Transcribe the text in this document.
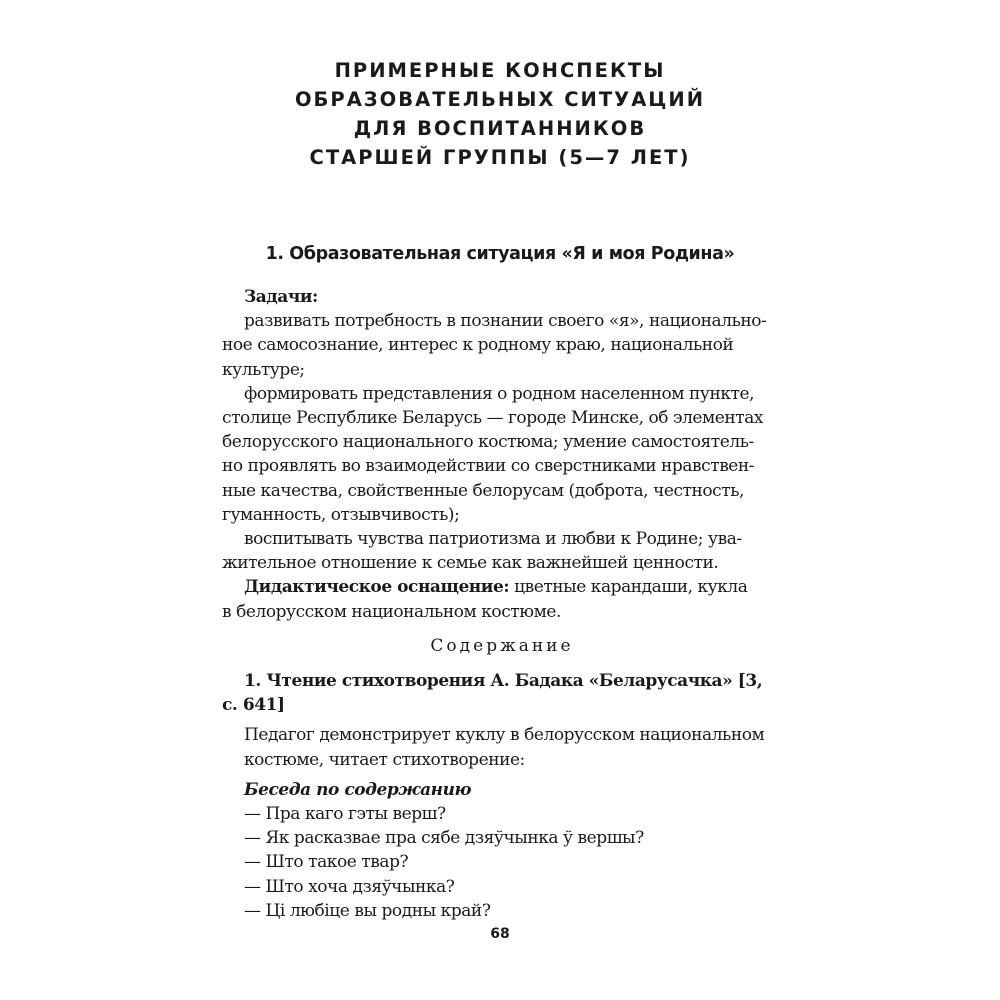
ПРИМЕРНЫЕ КОНСПЕКТЫ
ОБРАЗОВАТЕЛЬНЫХ СИТУАЦИЙ
ДЛЯ ВОСПИТАННИКОВ
СТАРШЕЙ ГРУППЫ (5—7 ЛЕТ)
1. Образовательная ситуация «Я и моя Родина»
Задачи:
развивать потребность в познании своего «я», национально-
ное самосознание, интерес к родному краю, национальной
культуре;
формировать представления о родном населенном пункте,
столице Республике Беларусь — городе Минске, об элементах
белорусского национального костюма; умение самостоятель-
но проявлять во взаимодействии со сверстниками нравствен-
ные качества, свойственные белорусам (доброта, честность,
гуманность, отзывчивость);
воспитывать чувства патриотизма и любви к Родине; ува-
жительное отношение к семье как важнейшей ценности.
Дидактическое оснащение: цветные карандаши, кукла
в белорусском национальном костюме.
Содержание
1. Чтение стихотворения А. Бадака «Беларусачка» [3,
с. 641]
Педагог демонстрирует куклу в белорусском национальном
костюме, читает стихотворение:
Беседа по содержанию
— Пра каго гэты верш?
— Як расказвае пра сябе дзяўчынка ў вершы?
— Што такое твар?
— Што хоча дзяўчынка?
— Ці любіце вы родны край?
68
